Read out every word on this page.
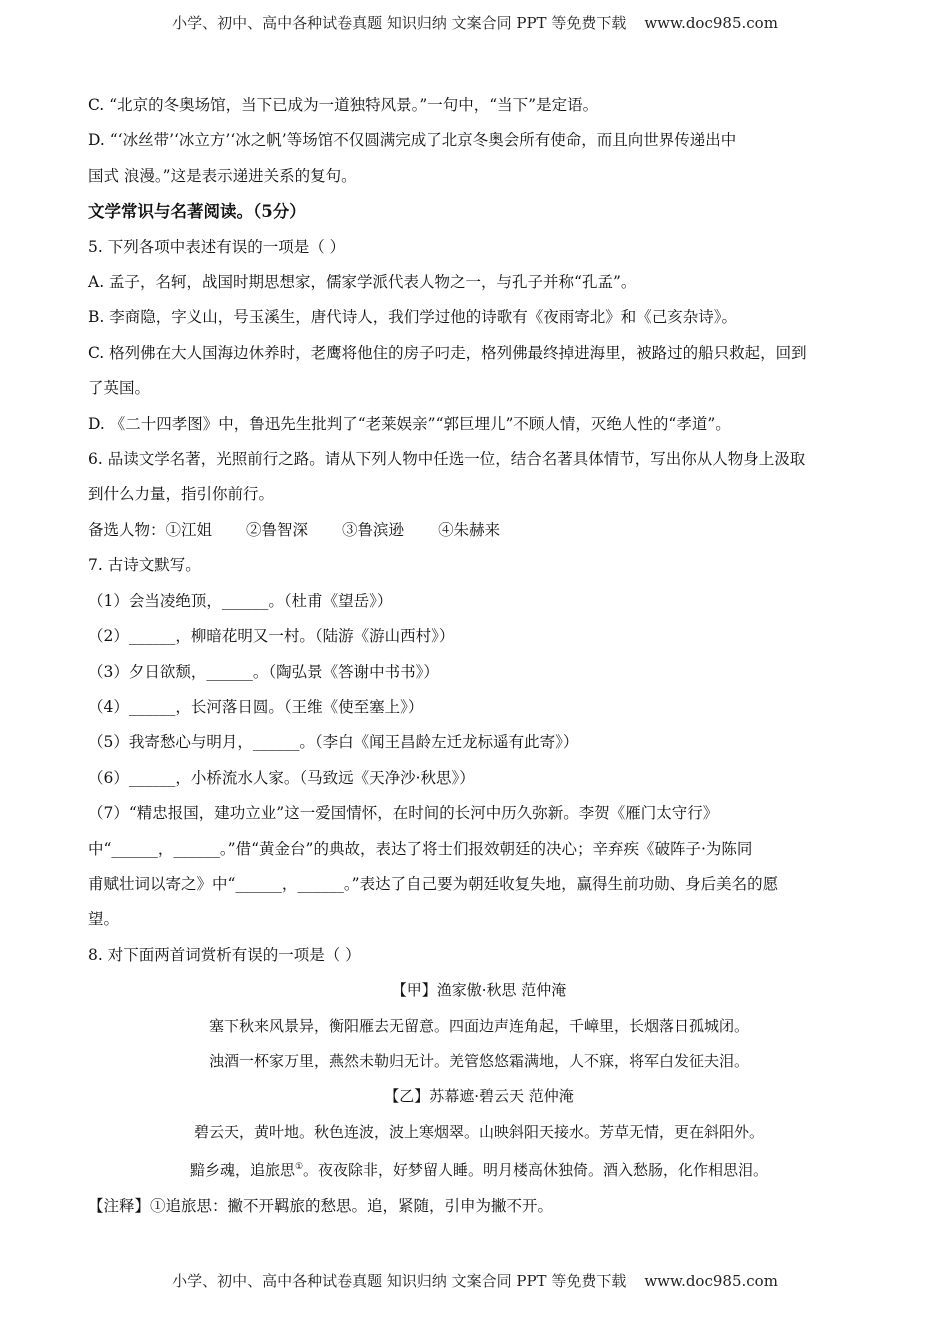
小学、初中、高中各种试卷真题 知识归纳 文案合同 PPT 等免费下载 www.doc985.com
C. “北京的冬奥场馆，当下已成为一道独特风景。”一句中，“当下”是定语。
D. “‘冰丝带’‘冰立方’‘冰之帆’等场馆不仅圆满完成了北京冬奥会所有使命，而且向世界传递出中
国式 浪漫。”这是表示递进关系的复句。
文学常识与名著阅读。（5分）
5. 下列各项中表述有误的一项是（ ）
A. 孟子，名轲，战国时期思想家，儒家学派代表人物之一，与孔子并称“孔孟”。
B. 李商隐，字义山，号玉溪生，唐代诗人，我们学过他的诗歌有《夜雨寄北》和《己亥杂诗》。
C. 格列佛在大人国海边休养时，老鹰将他住的房子叼走，格列佛最终掉进海里，被路过的船只救起，回到
了英国。
D. 《二十四孝图》中，鲁迅先生批判了“老莱娱亲”“郭巨埋儿”不顾人情，灭绝人性的“孝道”。
6. 品读文学名著，光照前行之路。请从下列人物中任选一位，结合名著具体情节，写出你从人物身上汲取
到什么力量，指引你前行。
备选人物：①江姐 ②鲁智深 ③鲁滨逊 ④朱赫来
7. 古诗文默写。
（1）会当凌绝顶，______。（杜甫《望岳》）
（2）______，柳暗花明又一村。（陆游《游山西村》）
（3）夕日欲颓，______。（陶弘景《答谢中书书》）
（4）______，长河落日圆。（王维《使至塞上》）
（5）我寄愁心与明月，______。（李白《闻王昌龄左迁龙标遥有此寄》）
（6）______，小桥流水人家。（马致远《天净沙·秋思》）
（7）“精忠报国，建功立业”这一爱国情怀，在时间的长河中历久弥新。李贺《雁门太守行》
中“______，______。”借“黄金台”的典故，表达了将士们报效朝廷的决心；辛弃疾《破阵子·为陈同
甫赋壮词以寄之》中“______，______。”表达了自己要为朝廷收复失地，赢得生前功勋、身后美名的愿
望。
8. 对下面两首词赏析有误的一项是（ ）
【甲】渔家傲·秋思 范仲淹
塞下秋来风景异，衡阳雁去无留意。四面边声连角起，千嶂里，长烟落日孤城闭。
浊酒一杯家万里，燕然未勒归无计。羌管悠悠霜满地，人不寐，将军白发征夫泪。
【乙】苏幕遮·碧云天 范仲淹
碧云天，黄叶地。秋色连波，波上寒烟翠。山映斜阳天接水。芳草无情，更在斜阳外。
黯乡魂，追旅思①。夜夜除非，好梦留人睡。明月楼高休独倚。酒入愁肠，化作相思泪。
【注释】①追旅思：撇不开羁旅的愁思。追，紧随，引申为撇不开。
小学、初中、高中各种试卷真题 知识归纳 文案合同 PPT 等免费下载 www.doc985.com
